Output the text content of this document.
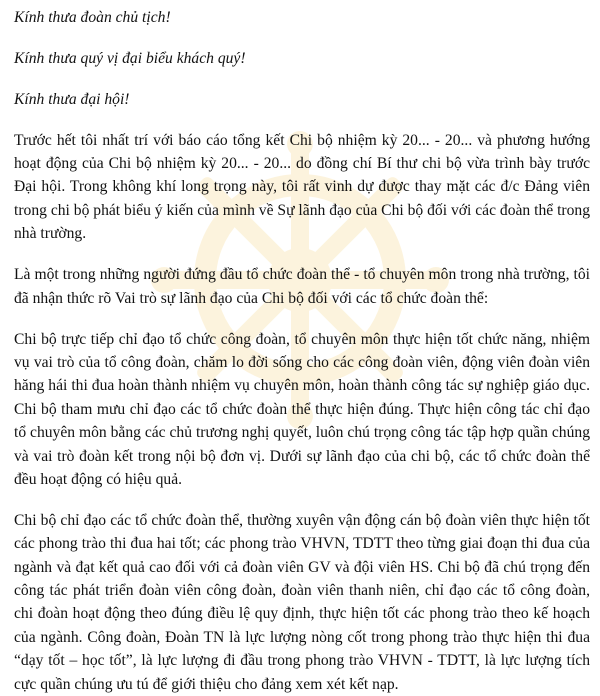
Kính thưa đoàn chủ tịch!
Kính thưa quý vị đại biểu khách quý!
Kính thưa đại hội!

Trước hết tôi nhất trí với báo cáo tổng kết Chi bộ nhiệm kỳ 20... - 20... và phương hướng hoạt động của Chi bộ nhiệm kỳ 20... - 20... do đồng chí Bí thư chi bộ vừa trình bày trước Đại hội. Trong không khí long trọng này, tôi rất vinh dự được thay mặt các đ/c Đảng viên trong chi bộ phát biểu ý kiến của mình về Sự lãnh đạo của Chi bộ đối với các đoàn thể trong nhà trường.

Là một trong những người đứng đầu tổ chức đoàn thể - tổ chuyên môn trong nhà trường, tôi đã nhận thức rõ Vai trò sự lãnh đạo của Chi bộ đối với các tổ chức đoàn thể:

Chi bộ trực tiếp chỉ đạo tổ chức công đoàn, tổ chuyên môn thực hiện tốt chức năng, nhiệm vụ vai trò của tổ công đoàn, chăm lo đời sống cho các công đoàn viên, động viên đoàn viên hăng hái thi đua hoàn thành nhiệm vụ chuyên môn, hoàn thành công tác sự nghiệp giáo dục. Chi bộ tham mưu chỉ đạo các tổ chức đoàn thể thực hiện đúng. Thực hiện công tác chỉ đạo tổ chuyên môn bằng các chủ trương nghị quyết, luôn chú trọng công tác tập hợp quần chúng và vai trò đoàn kết trong nội bộ đơn vị. Dưới sự lãnh đạo của chi bộ, các tổ chức đoàn thể đều hoạt động có hiệu quả.

Chi bộ chỉ đạo các tổ chức đoàn thể, thường xuyên vận động cán bộ đoàn viên thực hiện tốt các phong trào thi đua hai tốt; các phong trào VHVN, TDTT theo từng giai đoạn thi đua của ngành và đạt kết quả cao đối với cả đoàn viên GV và đội viên HS. Chi bộ đã chú trọng đến công tác phát triển đoàn viên công đoàn, đoàn viên thanh niên, chỉ đạo các tổ công đoàn, chi đoàn hoạt động theo đúng điều lệ quy định, thực hiện tốt các phong trào theo kế hoạch của ngành. Công đoàn, Đoàn TN là lực lượng nòng cốt trong phong trào thực hiện thi đua “dạy tốt – học tốt”, là lực lượng đi đầu trong phong trào VHVN - TDTT, là lực lượng tích cực quần chúng ưu tú để giới thiệu cho đảng xem xét kết nạp.
